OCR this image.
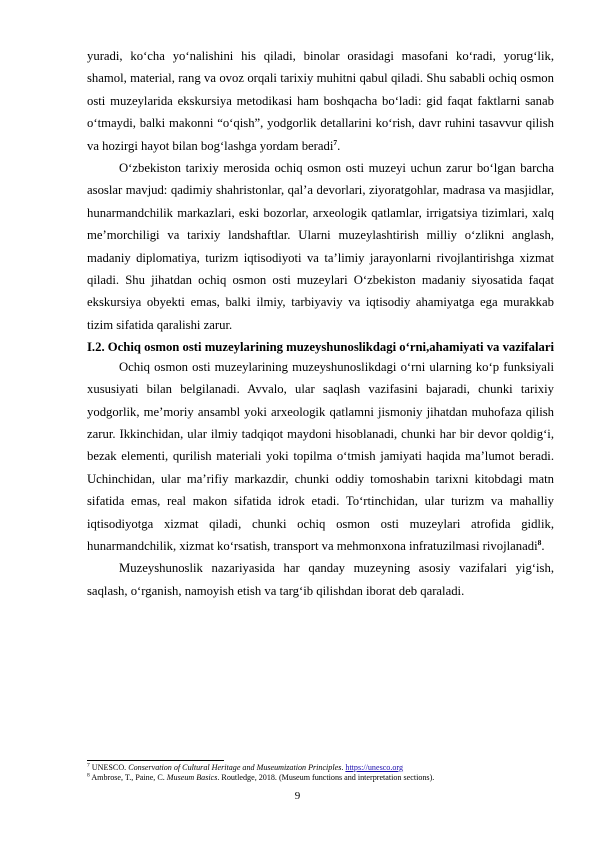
yuradi, ko‘cha yo‘nalishini his qiladi, binolar orasidagi masofani ko‘radi, yorug‘lik, shamol, material, rang va ovoz orqali tarixiy muhitni qabul qiladi. Shu sababli ochiq osmon osti muzeylarida ekskursiya metodikasi ham boshqacha bo‘ladi: gid faqat faktlarni sanab o‘tmaydi, balki makonni “o‘qish”, yodgorlik detallarini ko‘rish, davr ruhini tasavvur qilish va hozirgi hayot bilan bog‘lashga yordam beradi$^7$.

O‘zbekiston tarixiy merosida ochiq osmon osti muzeyi uchun zarur bo‘lgan barcha asoslar mavjud: qadimiy shahristonlar, qal’a devorlari, ziyoratgohlar, madrasa va masjidlar, hunarmandchilik markazlari, eski bozorlar, arxeologik qatlamlar, irrigatsiya tizimlari, xalq me’morchiligi va tarixiy landshaftlar. Ularni muzeylashtirish milliy o‘zlikni anglash, madaniy diplomatiya, turizm iqtisodiyoti va ta’limiy jarayonlarni rivojlantirishga xizmat qiladi. Shu jihatdan ochiq osmon osti muzeylari O‘zbekiston madaniy siyosatida faqat ekskursiya obyekti emas, balki ilmiy, tarbiyaviy va iqtisodiy ahamiyatga ega murakkab tizim sifatida qaralishi zarur.

I.2. Ochiq osmon osti muzeylarining muzeyshunoslikdagi o‘rni,ahamiyati va vazifalari

Ochiq osmon osti muzeylarining muzeyshunoslikdagi o‘rni ularning ko‘p funksiyali xususiyati bilan belgilanadi. Avvalo, ular saqlash vazifasini bajaradi, chunki tarixiy yodgorlik, me’moriy ansambl yoki arxeologik qatlamni jismoniy jihatdan muhofaza qilish zarur. Ikkinchidan, ular ilmiy tadqiqot maydoni hisoblanadi, chunki har bir devor qoldig‘i, bezak elementi, qurilish materiali yoki topilma o‘tmish jamiyati haqida ma’lumot beradi. Uchinchidan, ular ma’rifiy markazdir, chunki oddiy tomoshabin tarixni kitobdagi matn sifatida emas, real makon sifatida idrok etadi. To‘rtinchidan, ular turizm va mahalliy iqtisodiyotga xizmat qiladi, chunki ochiq osmon osti muzeylari atrofida gidlik, hunarmandchilik, xizmat ko‘rsatish, transport va mehmonxona infratuzilmasi rivojlanadi$^8$.

Muzeyshunoslik nazariyasida har qanday muzeyning asosiy vazifalari yig‘ish, saqlash, o‘rganish, namoyish etish va targ‘ib qilishdan iborat deb qaraladi.

$^7$ UNESCO. Conservation of Cultural Heritage and Museumization Principles. https://unesco.org
$^8$ Ambrose, T., Paine, C. Museum Basics. Routledge, 2018. (Museum functions and interpretation sections).
9
